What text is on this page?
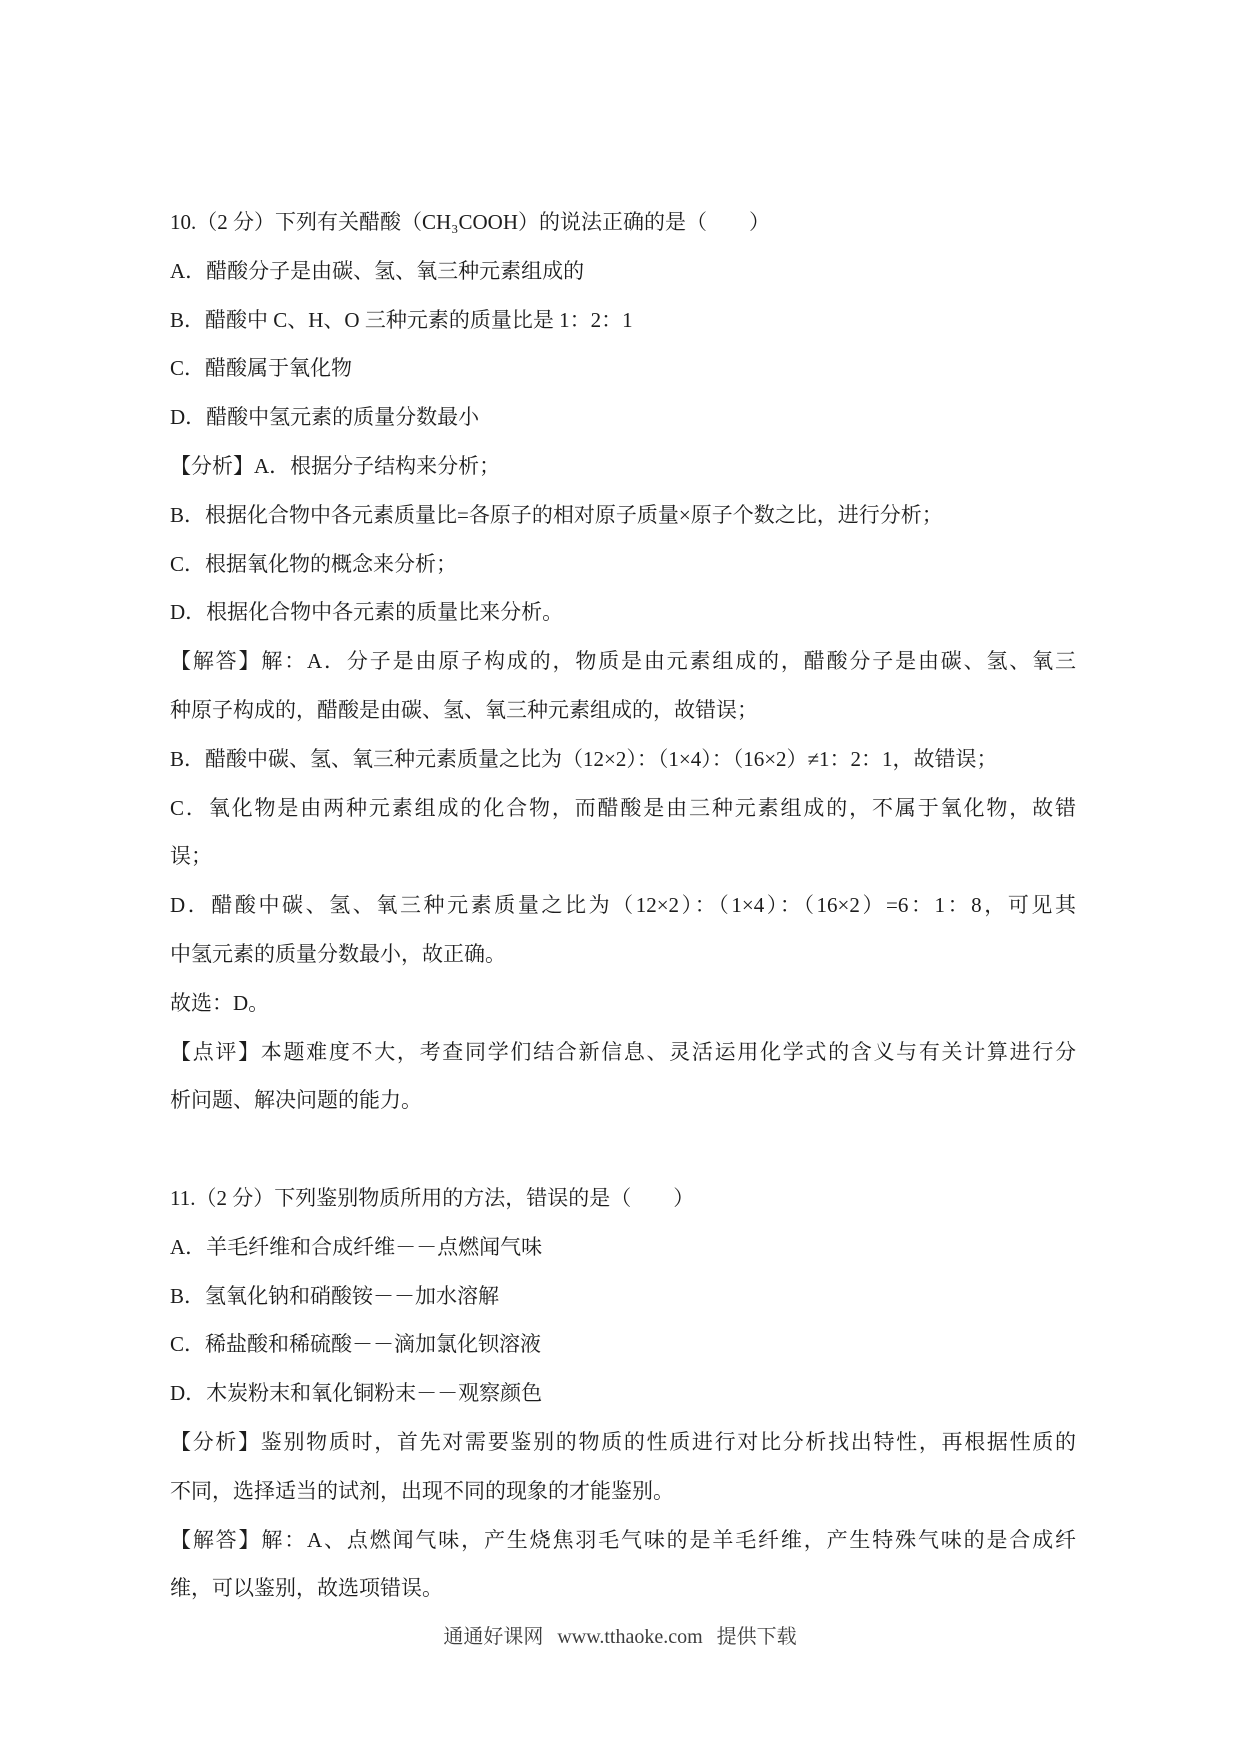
10.（2 分）下列有关醋酸（CH₃COOH）的说法正确的是（　　）
A．醋酸分子是由碳、氢、氧三种元素组成的
B．醋酸中 C、H、O 三种元素的质量比是 1：2：1
C．醋酸属于氧化物
D．醋酸中氢元素的质量分数最小
【分析】A．根据分子结构来分析；
B．根据化合物中各元素质量比=各原子的相对原子质量×原子个数之比，进行分析；
C．根据氧化物的概念来分析；
D．根据化合物中各元素的质量比来分析。
【解答】解：A．分子是由原子构成的，物质是由元素组成的，醋酸分子是由碳、氢、氧三
种原子构成的，醋酸是由碳、氢、氧三种元素组成的，故错误；
B．醋酸中碳、氢、氧三种元素质量之比为（12×2）：（1×4）：（16×2）≠1：2：1，故错误；
C．氧化物是由两种元素组成的化合物，而醋酸是由三种元素组成的，不属于氧化物，故错
误；
D．醋酸中碳、氢、氧三种元素质量之比为（12×2）：（1×4）：（16×2）=6：1：8，可见其
中氢元素的质量分数最小，故正确。
故选：D。
【点评】本题难度不大，考查同学们结合新信息、灵活运用化学式的含义与有关计算进行分
析问题、解决问题的能力。
11.（2 分）下列鉴别物质所用的方法，错误的是（　　）
A．羊毛纤维和合成纤维－－点燃闻气味
B．氢氧化钠和硝酸铵－－加水溶解
C．稀盐酸和稀硫酸－－滴加氯化钡溶液
D．木炭粉末和氧化铜粉末－－观察颜色
【分析】鉴别物质时，首先对需要鉴别的物质的性质进行对比分析找出特性，再根据性质的
不同，选择适当的试剂，出现不同的现象的才能鉴别。
【解答】解：A、点燃闻气味，产生烧焦羽毛气味的是羊毛纤维，产生特殊气味的是合成纤
维，可以鉴别，故选项错误。
通通好课网 www.tthaoke.com 提供下载
